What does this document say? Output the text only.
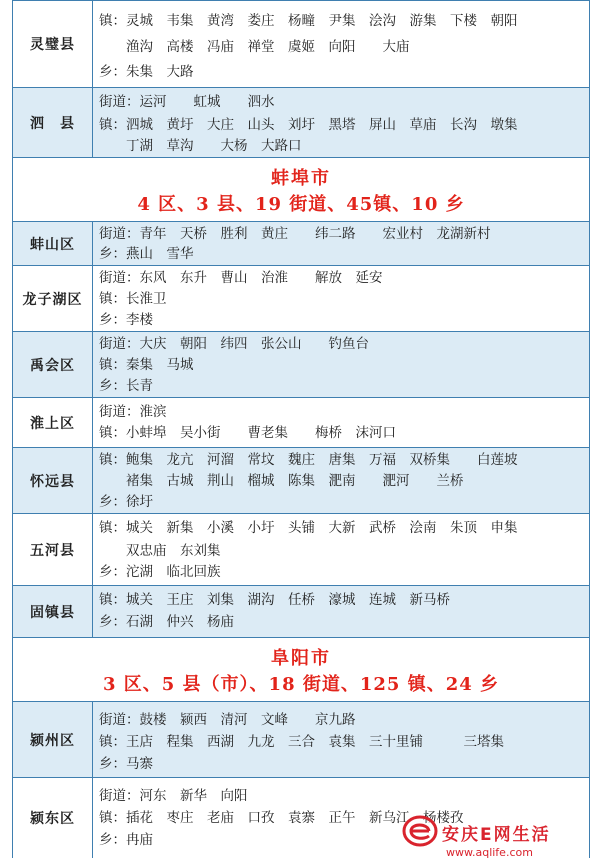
灵璧县
镇：灵城　韦集　黄湾　娄庄　杨疃　尹集　浍沟　游集　下楼　朝阳
　　渔沟　高楼　冯庙　禅堂　虞姬　向阳　　大庙
乡：朱集　大路
泗　县
街道：运河　　虹城　　泗水
镇：泗城　黄圩　大庄　山头　刘圩　黑塔　屏山　草庙　长沟　墩集
　　丁湖　草沟　　大杨　大路口
蚌埠市
4 区、3 县、19 街道、45镇、10 乡
蚌山区
街道：青年　天桥　胜利　黄庄　　纬二路　　宏业村　龙湖新村
乡：燕山　雪华
龙子湖区
街道：东风　东升　曹山　治淮　　解放　延安
镇：长淮卫
乡：李楼
禹会区
街道：大庆　朝阳　纬四　张公山　　钓鱼台
镇：秦集　马城
乡：长青
淮上区
街道：淮滨
镇：小蚌埠　吴小街　　曹老集　　梅桥　沫河口
怀远县
镇：鲍集　龙亢　河溜　常坟　魏庄　唐集　万福　双桥集　　白莲坡
　　褚集　古城　荆山　榴城　陈集　淝南　　淝河　　兰桥
乡：徐圩
五河县
镇：城关　新集　小溪　小圩　头铺　大新　武桥　浍南　朱顶　申集
　　双忠庙　东刘集
乡：沱湖　临北回族
固镇县
镇：城关　王庄　刘集　湖沟　任桥　濠城　连城　新马桥
乡：石湖　仲兴　杨庙
阜阳市
3 区、5 县（市）、18 街道、125 镇、24 乡
颍州区
街道：鼓楼　颍西　清河　文峰　　京九路
镇：王店　程集　西湖　九龙　三合　袁集　三十里铺　　　三塔集
乡：马寨
颍东区
街道：河东　新华　向阳
镇：插花　枣庄　老庙　口孜　袁寨　正午　新乌江　杨楼孜
乡：冉庙	安庆E网生活
www.aqlife.com
